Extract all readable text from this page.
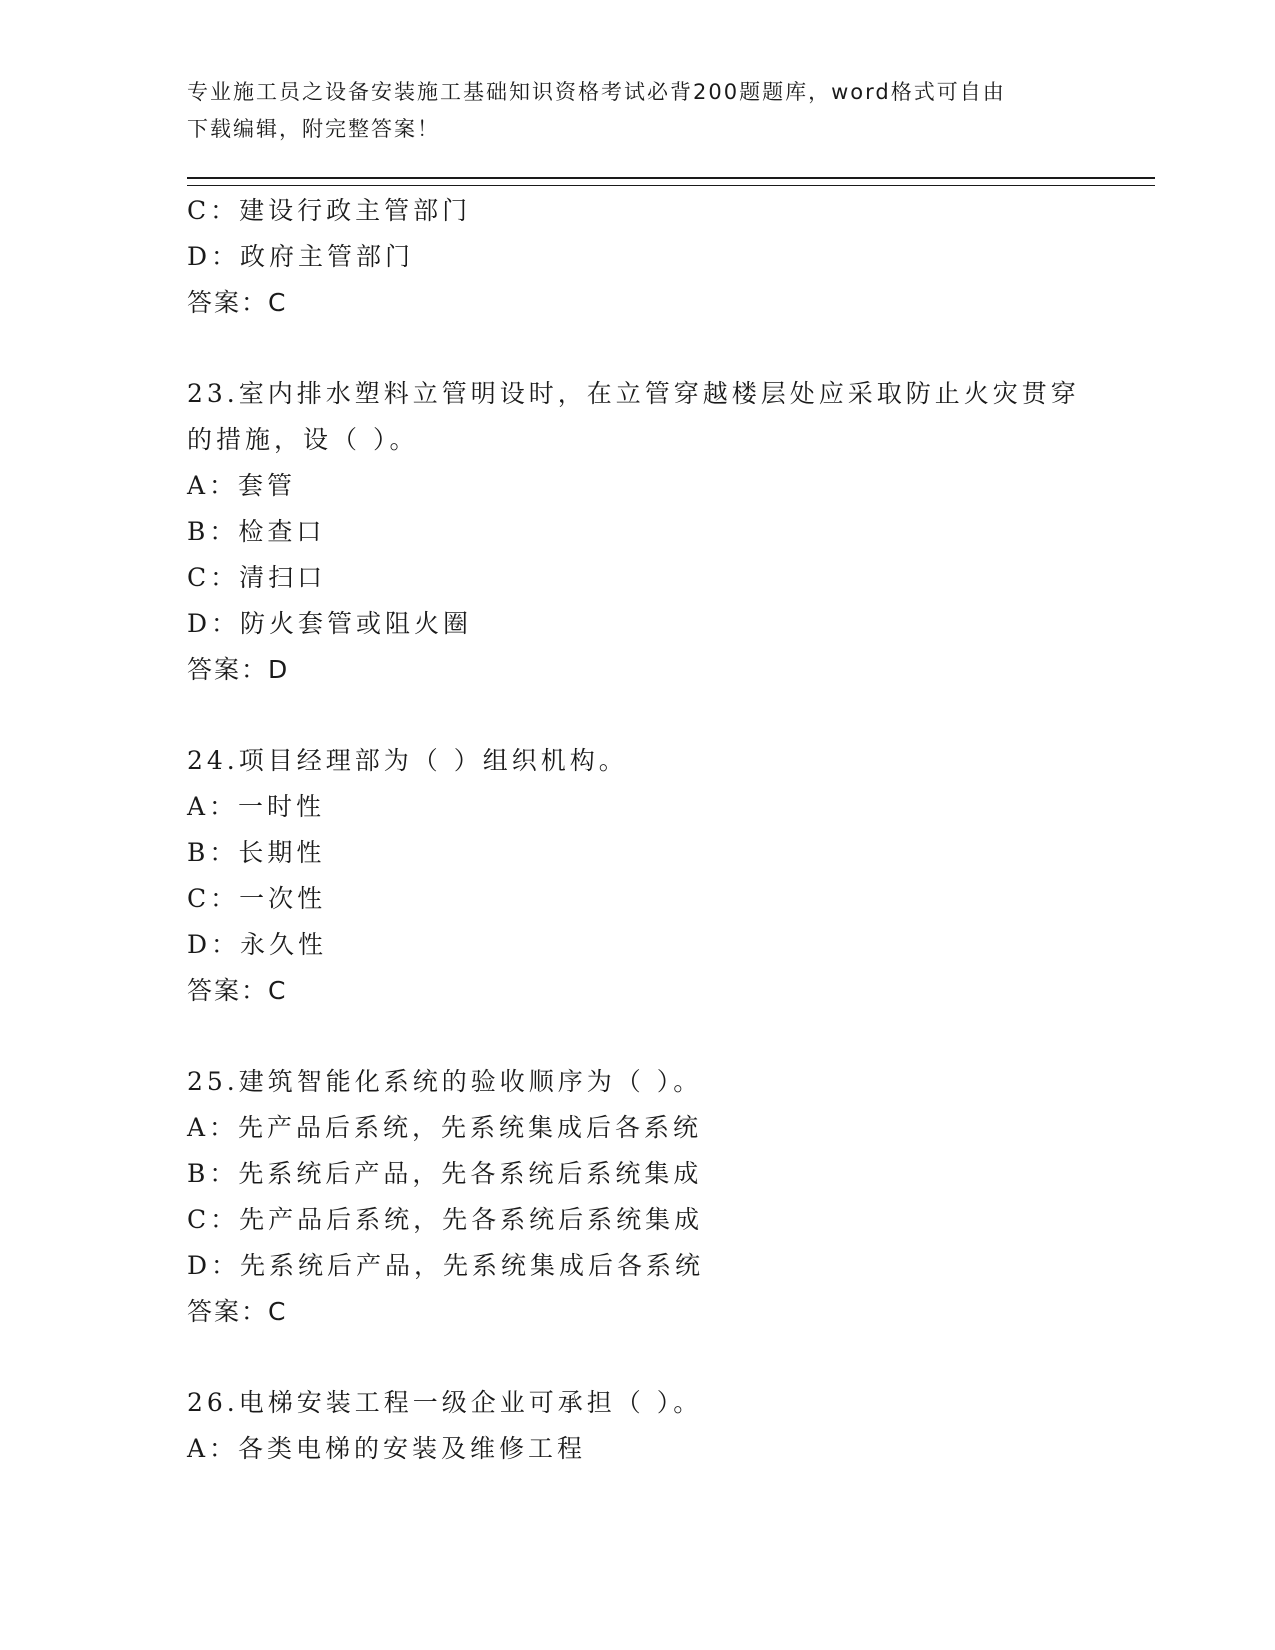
专业施工员之设备安装施工基础知识资格考试必背200题题库，word格式可自由
下载编辑，附完整答案！
C：建设行政主管部门
D：政府主管部门
答案：C
23.室内排水塑料立管明设时，在立管穿越楼层处应采取防止火灾贯穿
的措施，设（ ）。
A：套管
B：检查口
C：清扫口
D：防火套管或阻火圈
答案：D
24.项目经理部为（ ）组织机构。
A：一时性
B：长期性
C：一次性
D：永久性
答案：C
25.建筑智能化系统的验收顺序为（ ）。
A：先产品后系统，先系统集成后各系统
B：先系统后产品，先各系统后系统集成
C：先产品后系统，先各系统后系统集成
D：先系统后产品，先系统集成后各系统
答案：C
26.电梯安装工程一级企业可承担（ ）。
A：各类电梯的安装及维修工程
